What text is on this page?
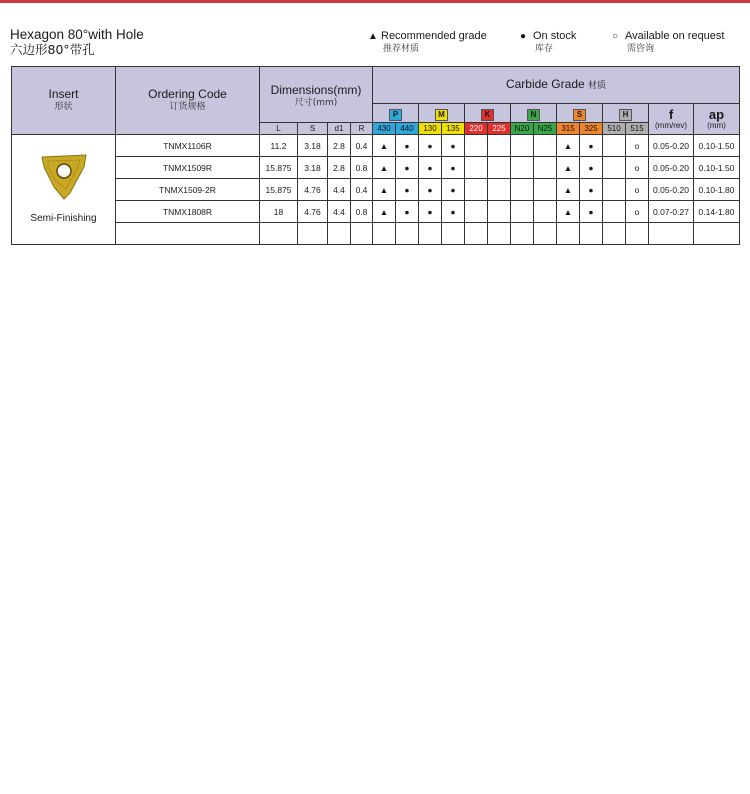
Hexagon 80°with Hole
六边形80°带孔
▲ Recommended grade
推荐材质
● On stock
库存
○ Available on request
需咨询
Insert
形状	Ordering Code
订货规格	Dimensions(mm)
尺寸(mm)				Carbide Grade 材质													
						P		M		K		N		S		H		f
(mm/rev)	ap
(mm)

		L	S	d1	R	430	440	130	135	220	225	N20	N25	315	325	510	515		

Semi-Finishing	TNMX1106R	11.2	3.18	2.8	0.4	▲	●	●	●					▲	●		o	0.05-0.20	0.10-1.50
	TNMX1509R	15.875	3.18	2.8	0.8	▲	●	●	●					▲	●		o	0.05-0.20	0.10-1.50
	TNMX1509-2R	15.875	4.76	4.4	0.4	▲	●	●	●					▲	●		o	0.05-0.20	0.10-1.80
	TNMX1808R	18	4.76	4.4	0.8	▲	●	●	●					▲	●		o	0.07-0.27	0.14-1.80
